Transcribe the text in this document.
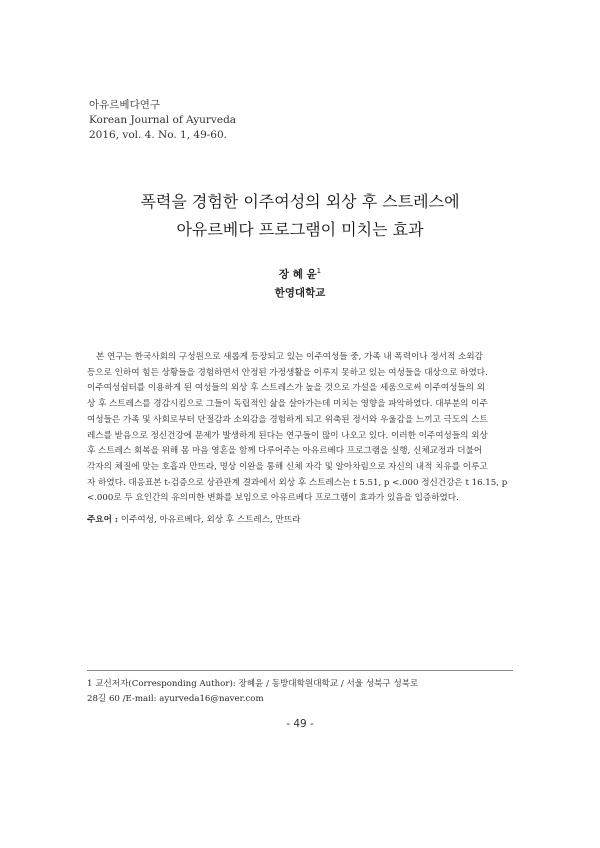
아유르베다연구
Korean Journal of Ayurveda
2016, vol. 4. No. 1, 49-60.
폭력을 경험한 이주여성의 외상 후 스트레스에
아유르베다 프로그램이 미치는 효과
장 혜 윤$^1$
한영대학교
본 연구는 한국사회의 구성원으로 새롭게 등장되고 있는 이주여성들 중, 가족 내 폭력이나 정서적 소외감
등으로 인하여 힘든 상황들을 경험하면서 안정된 가정생활을 이루지 못하고 있는 여성들을 대상으로 하였다.
이주여성쉼터를 이용하게 된 여성들의 외상 후 스트레스가 높을 것으로 가설을 세움으로써 이주여성들의 외
상 후 스트레스를 경감시킴으로 그들이 독립적인 삶을 살아가는데 미치는 영향을 파악하였다. 대부분의 이주
여성들은 가족 및 사회로부터 단절감과 소외감을 경험하게 되고 위축된 정서와 우울감을 느끼고 극도의 스트
레스를 받음으로 정신건강에 문제가 발생하게 된다는 연구들이 많이 나오고 있다. 이러한 이주여성들의 외상
후 스트레스 회복을 위해 몸 마음 영혼을 함께 다루어주는 아유르베다 프로그램을 실행, 신체교정과 더불어
각자의 체질에 맞는 호흡과 만뜨라, 명상 이완을 통해 신체 자각 및 알아차림으로 자신의 내적 치유를 이루고
자 하였다. 대응표본 t-검증으로 상관관계 결과에서 외상 후 스트레스는 t 5.51, p <.000 정신건강은 t 16.15, p
<.000로 두 요인간의 유의미한 변화를 보임으로 아유르베다 프로그램이 효과가 있음을 입증하였다.
주요어 : 이주여성, 아유르베다, 외상 후 스트레스, 만뜨라
1 교신저자(Corresponding Author): 장혜윤 / 동방대학원대학교 / 서울 성북구 성북로
28길 60 /E-mail: ayurveda16@naver.com
- 49 -
